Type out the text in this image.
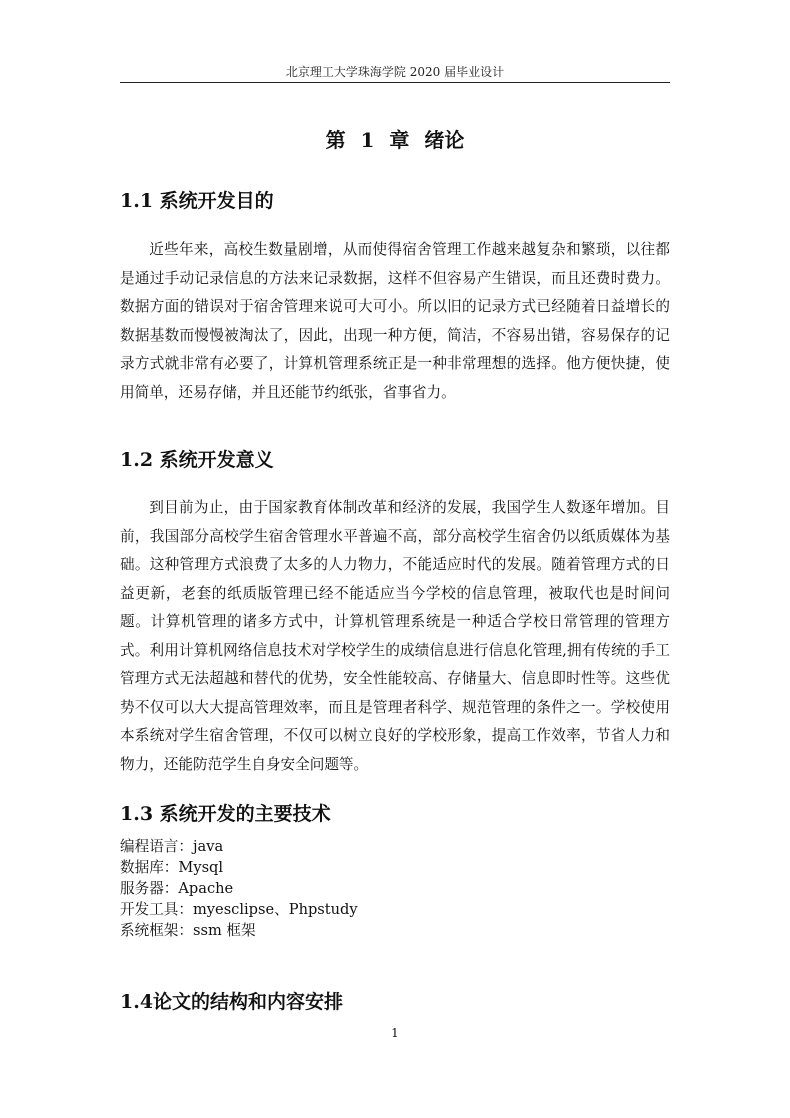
北京理工大学珠海学院 2020 届毕业设计
第 1 章 绪论
1.1 系统开发目的

近些年来，高校生数量剧增，从而使得宿舍管理工作越来越复杂和繁琐，以往都是通过手动记录信息的方法来记录数据，这样不但容易产生错误，而且还费时费力。数据方面的错误对于宿舍管理来说可大可小。所以旧的记录方式已经随着日益增长的数据基数而慢慢被淘汰了，因此，出现一种方便，简洁，不容易出错，容易保存的记录方式就非常有必要了，计算机管理系统正是一种非常理想的选择。他方便快捷，使用简单，还易存储，并且还能节约纸张，省事省力。

1.2 系统开发意义

到目前为止，由于国家教育体制改革和经济的发展，我国学生人数逐年增加。目前，我国部分高校学生宿舍管理水平普遍不高，部分高校学生宿舍仍以纸质媒体为基础。这种管理方式浪费了太多的人力物力，不能适应时代的发展。随着管理方式的日益更新，老套的纸质版管理已经不能适应当今学校的信息管理，被取代也是时间问题。计算机管理的诸多方式中，计算机管理系统是一种适合学校日常管理的管理方式。利用计算机网络信息技术对学校学生的成绩信息进行信息化管理,拥有传统的手工管理方式无法超越和替代的优势，安全性能较高、存储量大、信息即时性等。这些优势不仅可以大大提高管理效率，而且是管理者科学、规范管理的条件之一。学校使用本系统对学生宿舍管理，不仅可以树立良好的学校形象，提高工作效率，节省人力和物力，还能防范学生自身安全问题等。

1.3 系统开发的主要技术
编程语言：java
数据库：Mysql
服务器：Apache
开发工具：myesclipse、Phpstudy
系统框架：ssm 框架
1.4论文的结构和内容安排
1
